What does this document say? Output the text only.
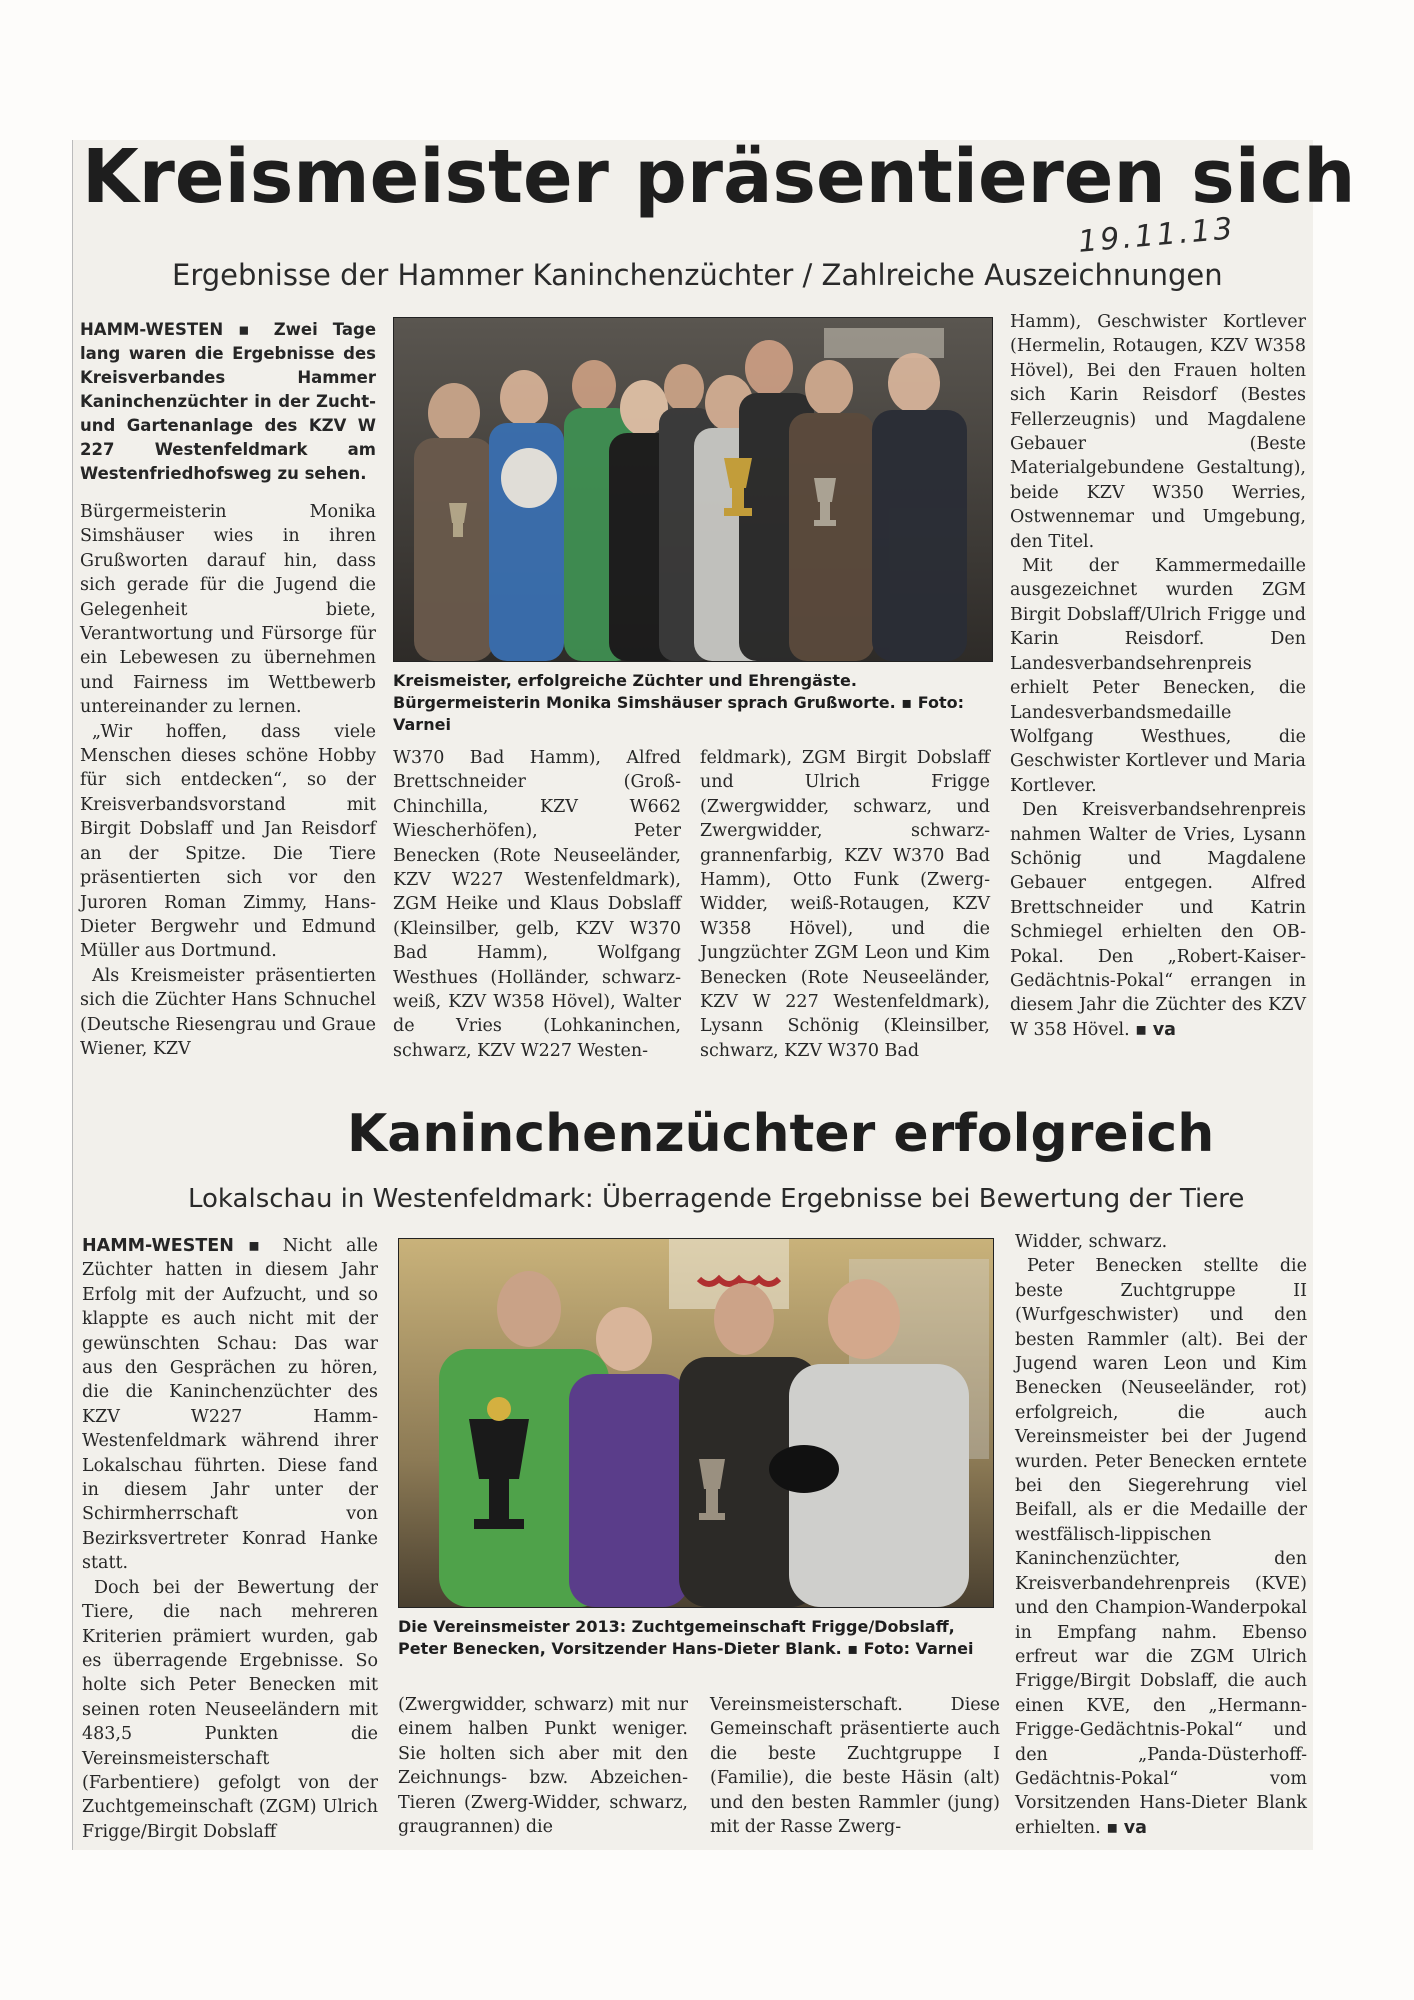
Kreismeister präsentieren sich
19.11.13
Ergebnisse der Hammer Kaninchenzüchter / Zahlreiche Auszeichnungen

HAMM-WESTEN ▪ Zwei Tage lang waren die Ergebnisse des Kreisverbandes Hammer Kaninchenzüchter in der Zucht- und Gartenanlage des KZV W 227 Westenfeldmark am Westenfriedhofsweg zu sehen.

Bürgermeisterin Monika Simshäuser wies in ihren Grußworten darauf hin, dass sich gerade für die Jugend die Gelegenheit biete, Verantwortung und Fürsorge für ein Lebewesen zu übernehmen und Fairness im Wettbewerb untereinander zu lernen.

„Wir hoffen, dass viele Menschen dieses schöne Hobby für sich entdecken“, so der Kreisverbandsvorstand mit Birgit Dobslaff und Jan Reisdorf an der Spitze. Die Tiere präsentierten sich vor den Juroren Roman Zimmy, Hans-Dieter Bergwehr und Edmund Müller aus Dortmund.

Als Kreismeister präsentierten sich die Züchter Hans Schnuchel (Deutsche Riesengrau und Graue Wiener, KZV

Kreismeister, erfolgreiche Züchter und Ehrengäste. Bürgermeisterin Monika Simshäuser sprach Grußworte. ▪ Foto: Varnei

W370 Bad Hamm), Alfred Brettschneider (Groß-Chinchilla, KZV W662 Wiescherhöfen), Peter Benecken (Rote Neuseeländer, KZV W227 Westenfeldmark), ZGM Heike und Klaus Dobslaff (Kleinsilber, gelb, KZV W370 Bad Hamm), Wolfgang Westhues (Holländer, schwarz-weiß, KZV W358 Hövel), Walter de Vries (Lohkaninchen, schwarz, KZV W227 Westen-

feldmark), ZGM Birgit Dobslaff und Ulrich Frigge (Zwergwidder, schwarz, und Zwergwidder, schwarz-grannenfarbig, KZV W370 Bad Hamm), Otto Funk (Zwerg-Widder, weiß-Rotaugen, KZV W358 Hövel), und die Jungzüchter ZGM Leon und Kim Benecken (Rote Neuseeländer, KZV W 227 Westenfeldmark), Lysann Schönig (Kleinsilber, schwarz, KZV W370 Bad

Hamm), Geschwister Kortlever (Hermelin, Rotaugen, KZV W358 Hövel), Bei den Frauen holten sich Karin Reisdorf (Bestes Fellerzeugnis) und Magdalene Gebauer (Beste Materialgebundene Gestaltung), beide KZV W350 Werries, Ostwennemar und Umgebung, den Titel.

Mit der Kammermedaille ausgezeichnet wurden ZGM Birgit Dobslaff/Ulrich Frigge und Karin Reisdorf. Den Landesverbandsehrenpreis erhielt Peter Benecken, die Landesverbandsmedaille Wolfgang Westhues, die Geschwister Kortlever und Maria Kortlever.

Den Kreisverbandsehrenpreis nahmen Walter de Vries, Lysann Schönig und Magdalene Gebauer entgegen. Alfred Brettschneider und Katrin Schmiegel erhielten den OB-Pokal. Den „Robert-Kaiser-Gedächtnis-Pokal“ errangen in diesem Jahr die Züchter des KZV W 358 Hövel. ▪ va

Kaninchenzüchter erfolgreich
Lokalschau in Westenfeldmark: Überragende Ergebnisse bei Bewertung der Tiere

HAMM-WESTEN ▪ Nicht alle Züchter hatten in diesem Jahr Erfolg mit der Aufzucht, und so klappte es auch nicht mit der gewünschten Schau: Das war aus den Gesprächen zu hören, die die Kaninchenzüchter des KZV W227 Hamm-Westenfeldmark während ihrer Lokalschau führten. Diese fand in diesem Jahr unter der Schirmherrschaft von Bezirksvertreter Konrad Hanke statt.

Doch bei der Bewertung der Tiere, die nach mehreren Kriterien prämiert wurden, gab es überragende Ergebnisse. So holte sich Peter Benecken mit seinen roten Neuseeländern mit 483,5 Punkten die Vereinsmeisterschaft (Farbentiere) gefolgt von der Zuchtgemeinschaft (ZGM) Ulrich Frigge/Birgit Dobslaff

Die Vereinsmeister 2013: Zuchtgemeinschaft Frigge/Dobslaff, Peter Benecken, Vorsitzender Hans-Dieter Blank. ▪ Foto: Varnei

(Zwergwidder, schwarz) mit nur einem halben Punkt weniger. Sie holten sich aber mit den Zeichnungs- bzw. Abzeichen-Tieren (Zwerg-Widder, schwarz, graugrannen) die

Vereinsmeisterschaft. Diese Gemeinschaft präsentierte auch die beste Zuchtgruppe I (Familie), die beste Häsin (alt) und den besten Rammler (jung) mit der Rasse Zwerg-

Widder, schwarz.

Peter Benecken stellte die beste Zuchtgruppe II (Wurfgeschwister) und den besten Rammler (alt). Bei der Jugend waren Leon und Kim Benecken (Neuseeländer, rot) erfolgreich, die auch Vereinsmeister bei der Jugend wurden. Peter Benecken erntete bei den Siegerehrung viel Beifall, als er die Medaille der westfälisch-lippischen Kaninchenzüchter, den Kreisverbandehrenpreis (KVE) und den Champion-Wanderpokal in Empfang nahm. Ebenso erfreut war die ZGM Ulrich Frigge/Birgit Dobslaff, die auch einen KVE, den „Hermann-Frigge-Gedächtnis-Pokal“ und den „Panda-Düsterhoff-Gedächtnis-Pokal“ vom Vorsitzenden Hans-Dieter Blank erhielten. ▪ va
